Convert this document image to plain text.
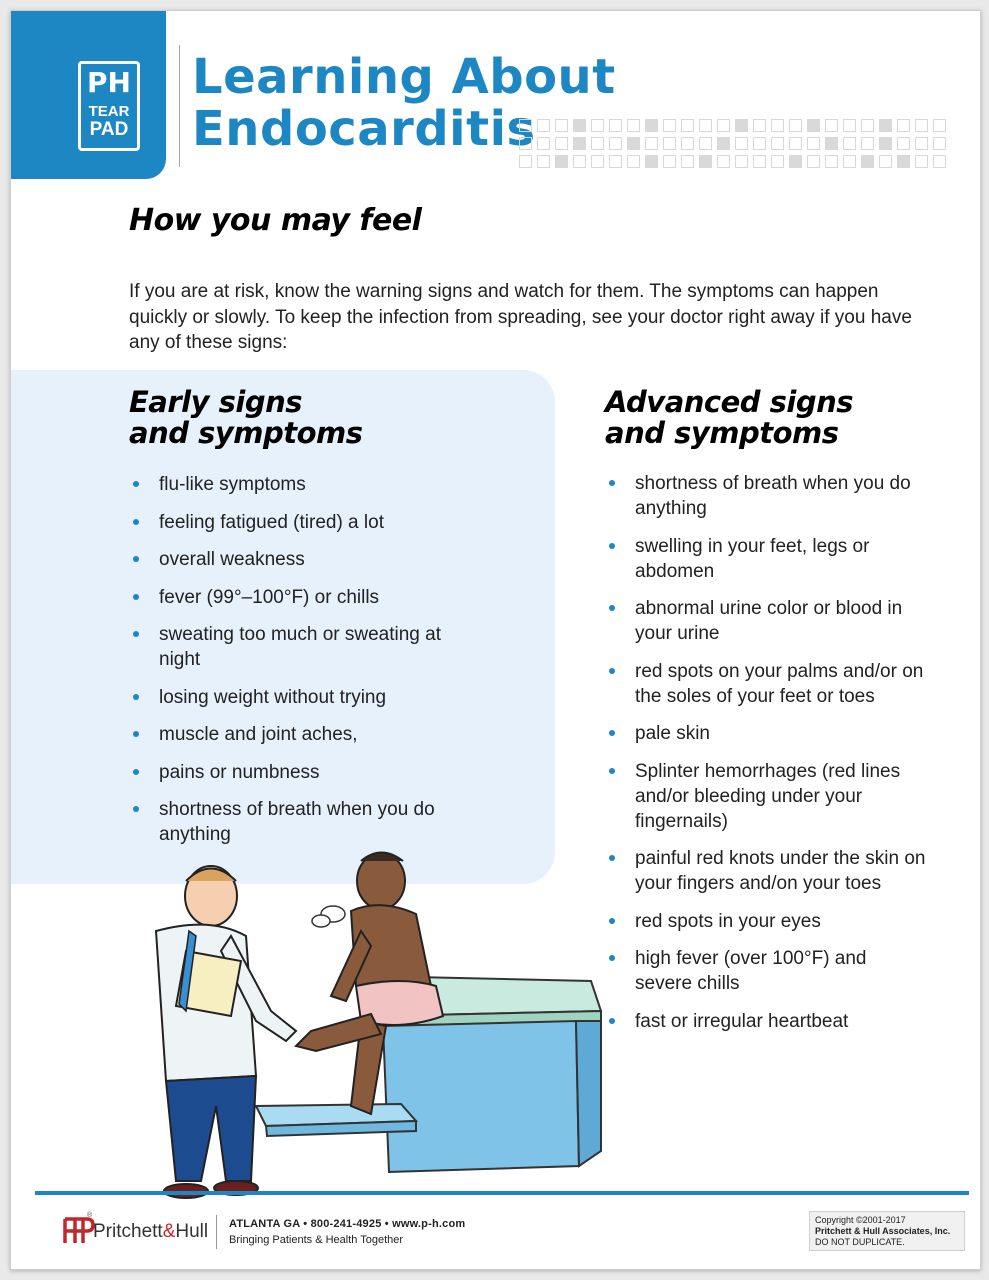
PH
TEAR
PAD
Learning About
Endocarditis
How you may feel
If you are at risk, know the warning signs and watch for them. The symptoms can happen quickly or slowly. To keep the infection from spreading, see your doctor right away if you have any of these signs:
Early signs
and symptoms
flu-like symptoms
feeling fatigued (tired) a lot
overall weakness
fever (99°–100°F) or chills
sweating too much or sweating at night
losing weight without trying
muscle and joint aches,
pains or numbness
shortness of breath when you do anything
Advanced signs
and symptoms
shortness of breath when you do anything
swelling in your feet, legs or abdomen
abnormal urine color or blood in your urine
red spots on your palms and/or on the soles of your feet or toes
pale skin
Splinter hemorrhages (red lines and/or bleeding under your fingernails)
painful red knots under the skin on your fingers and/on your toes
red spots in your eyes
high fever (over 100°F) and severe chills
fast or irregular heartbeat
®
Pritchett&Hull ATLANTA GA • 800-241-4925 • www.p-h.com
Bringing Patients & Health Together
Copyright ©2001-2017
Pritchett & Hull Associates, Inc.
DO NOT DUPLICATE.
